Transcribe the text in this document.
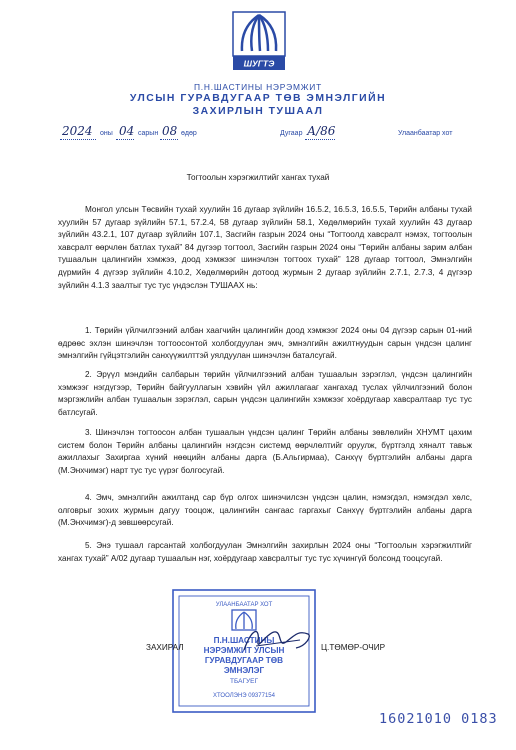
ШУГТЭ
П.Н.ШАСТИНЫ НЭРЭМЖИТ
УЛСЫН ГУРАВДУГААР ТӨВ ЭМНЭЛГИЙН
ЗАХИРЛЫН ТУШААЛ
2024 оны 04 сарын 08 өдөр	Дугаар А/86	Улаанбаатар хот
Тогтоолын хэрэгжилтийг хангах тухай
Монгол улсын Төсвийн тухай хуулийн 16 дугаар зүйлийн 16.5.2, 16.5.3, 16.5.5, Төрийн албаны тухай хуулийн 57 дугаар зүйлийн 57.1, 57.2.4, 58 дугаар зүйлийн 58.1, Хөдөлмөрийн тухай хуулийн 43 дугаар зүйлийн 43.2.1, 107 дугаар зүйлийн 107.1, Засгийн газрын 2024 оны “Тогтоолд хавсралт нэмэх, тогтоолын хавсралт өөрчлөн батлах тухай” 84 дүгээр тогтоол, Засгийн газрын 2024 оны “Төрийн албаны зарим албан тушаалын цалингийн хэмжээ, доод хэмжээг шинэчлэн тогтоох тухай” 128 дугаар тогтоол, Эмнэлгийн дүрмийн 4 дүгээр зүйлийн 4.10.2, Хөдөлмөрийн дотоод журмын 2 дугаар зүйлийн 2.7.1, 2.7.3, 4 дүгээр зүйлийн 4.1.3 заалтыг тус тус үндэслэн ТУШААХ нь:
1. Төрийн үйлчилгээний албан хаагчийн цалингийн доод хэмжээг 2024 оны 04 дүгээр сарын 01-ний өдрөөс эхлэн шинэчлэн тогтоосонтой холбогдуулан эмч, эмнэлгийн ажилтнуудын сарын үндсэн цалинг эмнэлгийн гүйцэтгэлийн санхүүжилттэй уялдуулан шинэчлэн баталсугай.
2. Эрүүл мэндийн салбарын төрийн үйлчилгээний албан тушаалын зэрэглэл, үндсэн цалингийн хэмжээг нэгдүгээр, Төрийн байгууллагын хэвийн үйл ажиллагааг хангахад туслах үйлчилгээний болон мэргэжлийн албан тушаалын зэрэглэл, сарын үндсэн цалингийн хэмжээг хоёрдугаар хавсралтаар тус тус батлсугай.
3. Шинэчлэн тогтоосон албан тушаалын үндсэн цалинг Төрийн албаны зөвлөлийн ХНУМТ цахим систем болон Төрийн албаны цалингийн нэгдсэн системд өөрчлөлтийг оруулж, бүртгэлд хяналт тавьж ажиллахыг Захиргаа хүний нөөцийн албаны дарга (Б.Альгирмаа), Санхүү бүртгэлийн албаны дарга (М.Энхчимэг) нарт тус тус үүрэг болгосугай.
4. Эмч, эмнэлгийн ажилтанд сар бүр олгох шинэчилсэн үндсэн цалин, нэмэгдэл, нэмэгдэл хөлс, олговрыг зохих журмын дагуу тооцож, цалингийн сангаас гаргахыг Санхүү бүртгэлийн албаны дарга (М.Энхчимэг)-д зөвшөөрсугай.
5. Энэ тушаал гарсантай холбогдуулан Эмнэлгийн захирлын 2024 оны “Тогтоолын хэрэгжилтийг хангах тухай” А/02 дугаар тушаалын нэг, хоёрдугаар хавсралтыг тус тус хүчингүй болсонд тооцсугай.
УЛААНБААТАР ХОТ
П.Н.ШАСТИНЫ
НЭРЭМЖИТ УЛСЫН
ГУРАВДУГААР ТӨВ
ЭМНЭЛЭГ
ТБАГУЕГ
ХТООЛЭНЭ 09377154
ЗАХИРАЛ	Ц.ТӨМӨР-ОЧИР
16021010 0183
